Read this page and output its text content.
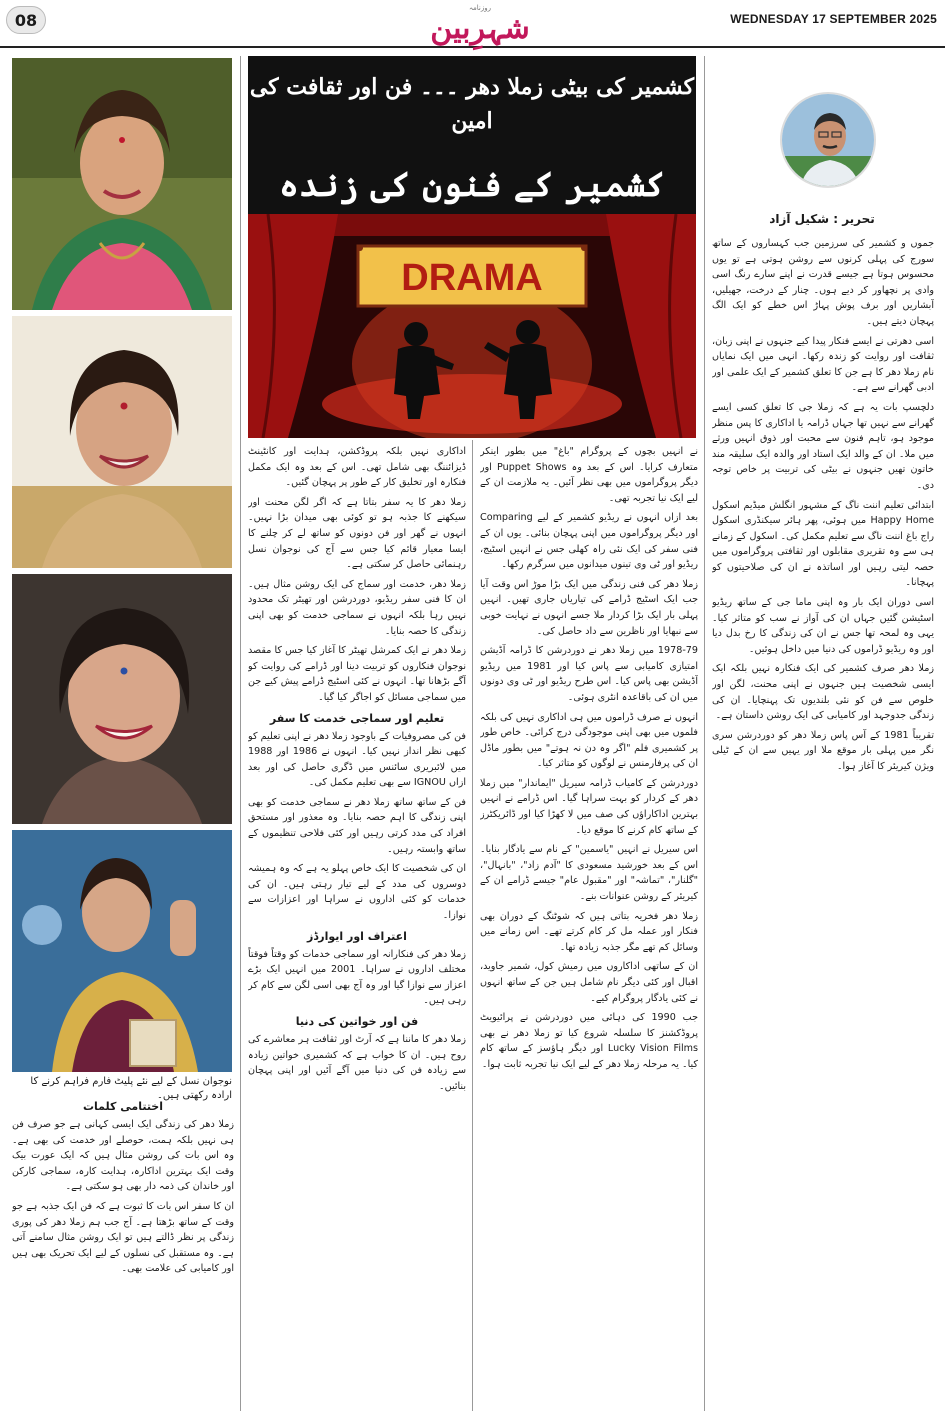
08
روزنامہ
شہرِبین	WEDNESDAY 17 SEPTEMBER 2025
نوجوان نسل کے لیے نئے پلیٹ فارم فراہم کرنے کا ارادہ رکھتی ہیں۔
کشمیر کی بیٹی زملا دھر ۔۔۔ فن اور ثقافت کی امین
کشمیر کے فنون کی زندہ
DRAMA
تحریر : شکیل آزاد

جموں و کشمیر کی سرزمین جب کہساروں کے ساتھ سورج کی پہلی کرنوں سے روشن ہوتی ہے تو یوں محسوس ہوتا ہے جیسے قدرت نے اپنے سارے رنگ اسی وادی پر نچھاور کر دیے ہوں۔ چنار کے درخت، جھیلیں، آبشاریں اور برف پوش پہاڑ اس خطے کو ایک الگ پہچان دیتے ہیں۔

اسی دھرتی نے ایسے فنکار پیدا کیے جنہوں نے اپنی زبان، ثقافت اور روایت کو زندہ رکھا۔ انہی میں ایک نمایاں نام زملا دھر کا ہے جن کا تعلق کشمیر کے ایک علمی اور ادبی گھرانے سے ہے۔

دلچسپ بات یہ ہے کہ زملا جی کا تعلق کسی ایسے گھرانے سے نہیں تھا جہاں ڈرامہ یا اداکاری کا پس منظر موجود ہو، تاہم فنون سے محبت اور ذوق انہیں ورثے میں ملا۔ ان کے والد ایک استاد اور والدہ ایک سلیقہ مند خاتون تھیں جنہوں نے بیٹی کی تربیت پر خاص توجہ دی۔

ابتدائی تعلیم اننت ناگ کے مشہور انگلش میڈیم اسکول Happy Home میں ہوئی، پھر ہائر سیکنڈری اسکول راج باغ اننت ناگ سے تعلیم مکمل کی۔ اسکول کے زمانے ہی سے وہ تقریری مقابلوں اور ثقافتی پروگراموں میں حصہ لیتی رہیں اور اساتذہ نے ان کی صلاحیتوں کو پہچانا۔

اسی دوران ایک بار وہ اپنی ماما جی کے ساتھ ریڈیو اسٹیشن گئیں جہاں ان کی آواز نے سب کو متاثر کیا۔ یہی وہ لمحہ تھا جس نے ان کی زندگی کا رخ بدل دیا اور وہ ریڈیو ڈراموں کی دنیا میں داخل ہوئیں۔

زملا دھر صرف کشمیر کی ایک فنکارہ نہیں بلکہ ایک ایسی شخصیت ہیں جنہوں نے اپنی محنت، لگن اور خلوص سے فن کو نئی بلندیوں تک پہنچایا۔ ان کی زندگی جدوجہد اور کامیابی کی ایک روشن داستان ہے۔

تقریباً 1981 کے آس پاس زملا دھر کو دوردرشن سری نگر میں پہلی بار موقع ملا اور یہیں سے ان کے ٹیلی ویژن کیریئر کا آغاز ہوا۔

نے انہیں بچوں کے پروگرام "باغ" میں بطور اینکر متعارف کرایا۔ اس کے بعد وہ Puppet Shows اور دیگر پروگراموں میں بھی نظر آئیں۔ یہ ملازمت ان کے لیے ایک نیا تجربہ تھی۔

بعد ازاں انہوں نے ریڈیو کشمیر کے لیے Comparing اور دیگر پروگراموں میں اپنی پہچان بنائی۔ یوں ان کے فنی سفر کی ایک نئی راہ کھلی جس نے انہیں اسٹیج، ریڈیو اور ٹی وی تینوں میدانوں میں سرگرم رکھا۔

زملا دھر کی فنی زندگی میں ایک بڑا موڑ اس وقت آیا جب ایک اسٹیج ڈرامے کی تیاریاں جاری تھیں۔ انہیں پہلی بار ایک بڑا کردار ملا جسے انہوں نے نہایت خوبی سے نبھایا اور ناظرین سے داد حاصل کی۔

1978-79 میں زملا دھر نے دوردرشن کا ڈرامہ آڈیشن امتیازی کامیابی سے پاس کیا اور 1981 میں ریڈیو آڈیشن بھی پاس کیا۔ اس طرح ریڈیو اور ٹی وی دونوں میں ان کی باقاعدہ انٹری ہوئی۔

انہوں نے صرف ڈراموں میں ہی اداکاری نہیں کی بلکہ فلموں میں بھی اپنی موجودگی درج کرائی۔ خاص طور پر کشمیری فلم "اگر وہ دن نہ ہوتے" میں بطور ماڈل ان کی پرفارمنس نے لوگوں کو متاثر کیا۔

دوردرشن کے کامیاب ڈرامہ سیریل "ایماندار" میں زملا دھر کے کردار کو بہت سراہا گیا۔ اس ڈرامے نے انہیں بہترین اداکاراؤں کی صف میں لا کھڑا کیا اور ڈائریکٹرز کے ساتھ کام کرنے کا موقع دیا۔

اس سیریل نے انہیں "یاسمین" کے نام سے یادگار بنایا۔ اس کے بعد خورشید مسعودی کا "آدم زاد"، "بانہال"، "گلنار"، "تماشہ" اور "مقبول عام" جیسے ڈرامے ان کے کیریئر کے روشن عنوانات بنے۔

زملا دھر فخریہ بتاتی ہیں کہ شوٹنگ کے دوران بھی فنکار اور عملہ مل کر کام کرتے تھے۔ اس زمانے میں وسائل کم تھے مگر جذبہ زیادہ تھا۔

ان کے ساتھی اداکاروں میں رمیش کول، شمیر جاوید، اقبال اور کئی دیگر نام شامل ہیں جن کے ساتھ انہوں نے کئی یادگار پروگرام کیے۔

جب 1990 کی دہائی میں دوردرشن نے پرائیویٹ پروڈکشنز کا سلسلہ شروع کیا تو زملا دھر نے بھی Lucky Vision Films اور دیگر ہاؤسز کے ساتھ کام کیا۔ یہ مرحلہ زملا دھر کے لیے ایک نیا تجربہ ثابت ہوا۔

اداکاری نہیں بلکہ پروڈکشن، ہدایت اور کانٹینٹ ڈیزائننگ بھی شامل تھی۔ اس کے بعد وہ ایک مکمل فنکارہ اور تخلیق کار کے طور پر پہچان گئیں۔

زملا دھر کا یہ سفر بتاتا ہے کہ اگر لگن محنت اور سیکھنے کا جذبہ ہو تو کوئی بھی میدان بڑا نہیں۔ انہوں نے گھر اور فن دونوں کو ساتھ لے کر چلنے کا ایسا معیار قائم کیا جس سے آج کی نوجوان نسل رہنمائی حاصل کر سکتی ہے۔

زملا دھر، خدمت اور سماج کی ایک روشن مثال ہیں۔ ان کا فنی سفر ریڈیو، دوردرشن اور تھیٹر تک محدود نہیں رہا بلکہ انہوں نے سماجی خدمت کو بھی اپنی زندگی کا حصہ بنایا۔

زملا دھر نے ایک کمرشل تھیٹر کا آغاز کیا جس کا مقصد نوجوان فنکاروں کو تربیت دینا اور ڈرامے کی روایت کو آگے بڑھانا تھا۔ انہوں نے کئی اسٹیج ڈرامے پیش کیے جن میں سماجی مسائل کو اجاگر کیا گیا۔

تعلیم اور سماجی خدمت کا سفر

فن کی مصروفیات کے باوجود زملا دھر نے اپنی تعلیم کو کبھی نظر انداز نہیں کیا۔ انہوں نے 1986 اور 1988 میں لائبریری سائنس میں ڈگری حاصل کی اور بعد ازاں IGNOU سے بھی تعلیم مکمل کی۔

فن کے ساتھ ساتھ زملا دھر نے سماجی خدمت کو بھی اپنی زندگی کا اہم حصہ بنایا۔ وہ معذور اور مستحق افراد کی مدد کرتی رہیں اور کئی فلاحی تنظیموں کے ساتھ وابستہ رہیں۔

ان کی شخصیت کا ایک خاص پہلو یہ ہے کہ وہ ہمیشہ دوسروں کی مدد کے لیے تیار رہتی ہیں۔ ان کی خدمات کو کئی اداروں نے سراہا اور اعزازات سے نوازا۔

اعتراف اور ایوارڈز

زملا دھر کی فنکارانہ اور سماجی خدمات کو وقتاً فوقتاً مختلف اداروں نے سراہا۔ 2001 میں انہیں ایک بڑے اعزاز سے نوازا گیا اور وہ آج بھی اسی لگن سے کام کر رہی ہیں۔

فن اور خواتین کی دنیا

زملا دھر کا ماننا ہے کہ آرٹ اور ثقافت ہر معاشرے کی روح ہیں۔ ان کا خواب ہے کہ کشمیری خواتین زیادہ سے زیادہ فن کی دنیا میں آگے آئیں اور اپنی پہچان بنائیں۔

اختتامی کلمات

زملا دھر کی زندگی ایک ایسی کہانی ہے جو صرف فن ہی نہیں بلکہ ہمت، حوصلے اور خدمت کی بھی ہے۔ وہ اس بات کی روشن مثال ہیں کہ ایک عورت بیک وقت ایک بہترین اداکارہ، ہدایت کارہ، سماجی کارکن اور خاندان کی ذمہ دار بھی ہو سکتی ہے۔

ان کا سفر اس بات کا ثبوت ہے کہ فن ایک جذبہ ہے جو وقت کے ساتھ بڑھتا ہے۔ آج جب ہم زملا دھر کی پوری زندگی پر نظر ڈالتے ہیں تو ایک روشن مثال سامنے آتی ہے۔ وہ مستقبل کی نسلوں کے لیے ایک تحریک بھی ہیں اور کامیابی کی علامت بھی۔
